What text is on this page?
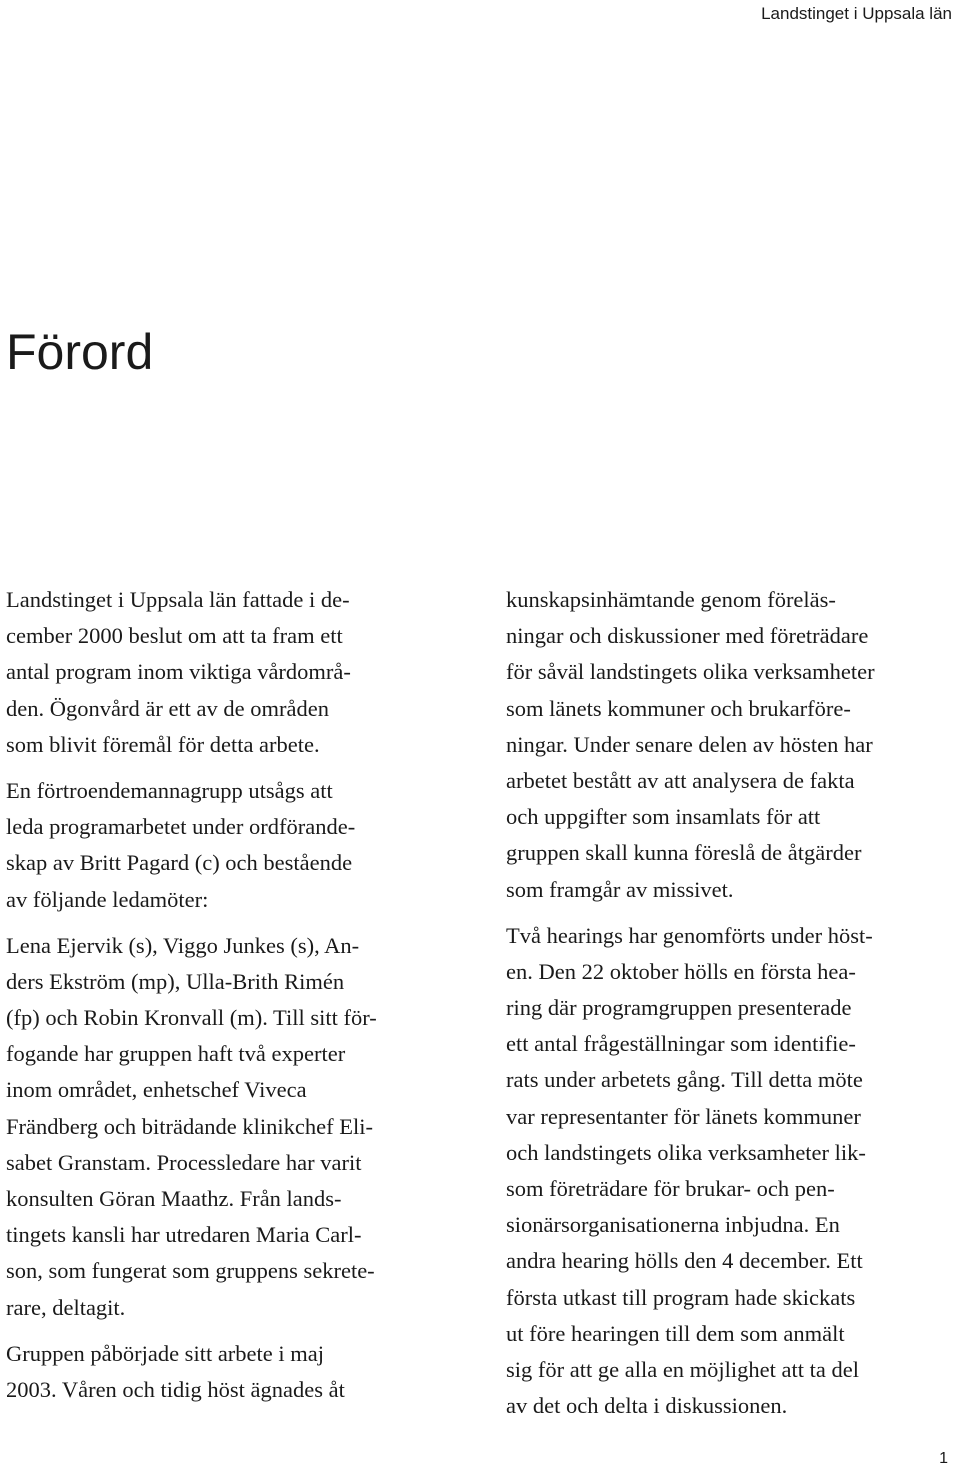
Landstinget i Uppsala län
Förord
Landstinget i Uppsala län fattade i de-
cember 2000 beslut om att ta fram ett
antal program inom viktiga vårdområ-
den. Ögonvård är ett av de områden
som blivit föremål för detta arbete.
En förtroendemannagrupp utsågs att
leda programarbetet under ordförande-
skap av Britt Pagard (c) och bestående
av följande ledamöter:
Lena Ejervik (s), Viggo Junkes (s), An-
ders Ekström (mp), Ulla-Brith Rimén
(fp) och Robin Kronvall (m). Till sitt för-
fogande har gruppen haft två experter
inom området, enhetschef Viveca
Frändberg och biträdande klinikchef Eli-
sabet Granstam. Processledare har varit
konsulten Göran Maathz. Från lands-
tingets kansli har utredaren Maria Carl-
son, som fungerat som gruppens sekrete-
rare, deltagit.
Gruppen påbörjade sitt arbete i maj
2003. Våren och tidig höst ägnades åt
kunskapsinhämtande genom föreläs-
ningar och diskussioner med företrädare
för såväl landstingets olika verksamheter
som länets kommuner och brukarföre-
ningar. Under senare delen av hösten har
arbetet bestått av att analysera de fakta
och uppgifter som insamlats för att
gruppen skall kunna föreslå de åtgärder
som framgår av missivet.
Två hearings har genomförts under höst-
en. Den 22 oktober hölls en första hea-
ring där programgruppen presenterade
ett antal frågeställningar som identifie-
rats under arbetets gång. Till detta möte
var representanter för länets kommuner
och landstingets olika verksamheter lik-
som företrädare för brukar- och pen-
sionärsorganisationerna inbjudna. En
andra hearing hölls den 4 december. Ett
första utkast till program hade skickats
ut före hearingen till dem som anmält
sig för att ge alla en möjlighet att ta del
av det och delta i diskussionen.
1
